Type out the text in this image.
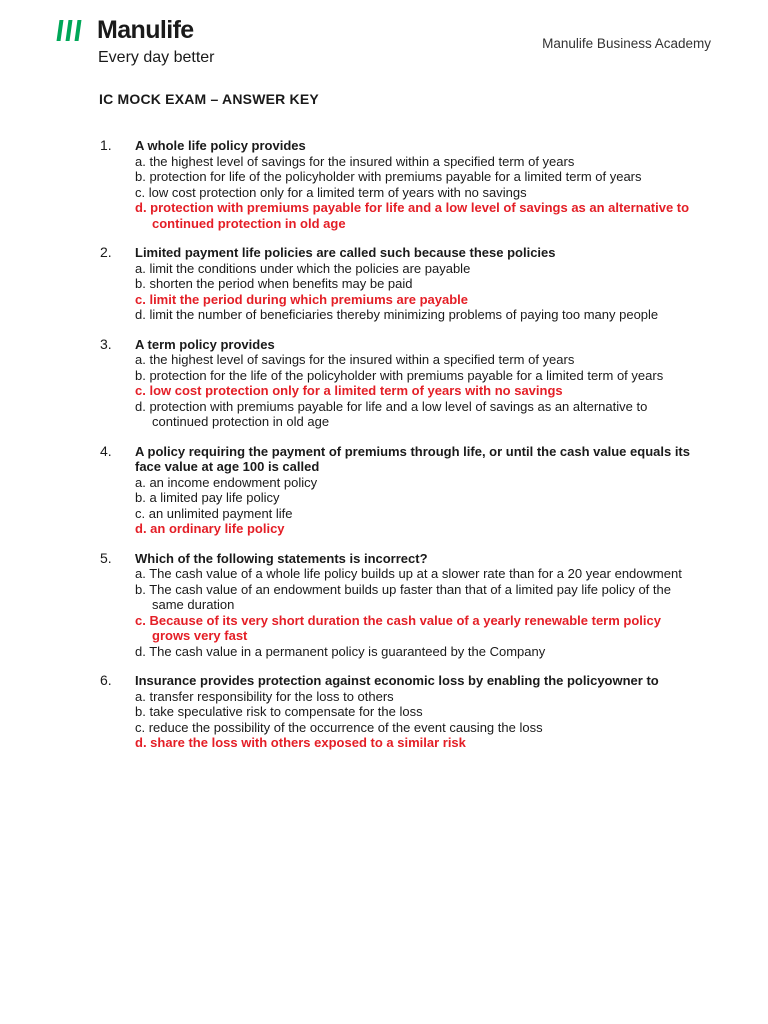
Manulife
Every day better
Manulife Business Academy
IC MOCK EXAM – ANSWER KEY
1. A whole life policy provides
a. the highest level of savings for the insured within a specified term of years
b. protection for life of the policyholder with premiums payable for a limited term of years
c. low cost protection only for a limited term of years with no savings
d. protection with premiums payable for life and a low level of savings as an alternative to continued protection in old age
2. Limited payment life policies are called such because these policies
a. limit the conditions under which the policies are payable
b. shorten the period when benefits may be paid
c. limit the period during which premiums are payable
d. limit the number of beneficiaries thereby minimizing problems of paying too many people
3. A term policy provides
a. the highest level of savings for the insured within a specified term of years
b. protection for the life of the policyholder with premiums payable for a limited term of years
c. low cost protection only for a limited term of years with no savings
d. protection with premiums payable for life and a low level of savings as an alternative to continued protection in old age
4. A policy requiring the payment of premiums through life, or until the cash value equals its face value at age 100 is called
a. an income endowment policy
b. a limited pay life policy
c. an unlimited payment life
d. an ordinary life policy
5. Which of the following statements is incorrect?
a. The cash value of a whole life policy builds up at a slower rate than for a 20 year endowment
b. The cash value of an endowment builds up faster than that of a limited pay life policy of the same duration
c. Because of its very short duration the cash value of a yearly renewable term policy grows very fast
d. The cash value in a permanent policy is guaranteed by the Company
6. Insurance provides protection against economic loss by enabling the policyowner to
a. transfer responsibility for the loss to others
b. take speculative risk to compensate for the loss
c. reduce the possibility of the occurrence of the event causing the loss
d. share the loss with others exposed to a similar risk
